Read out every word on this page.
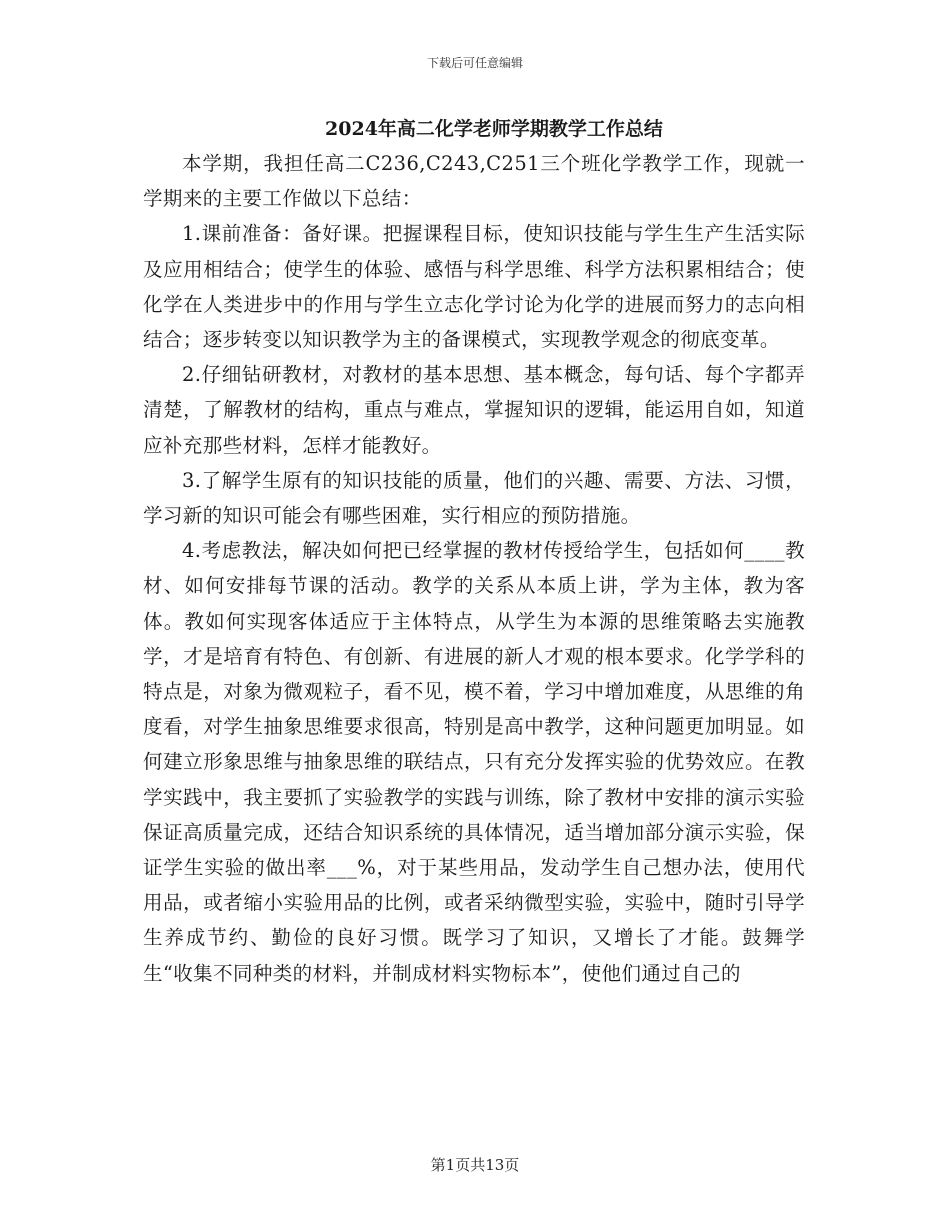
下载后可任意编辑
2024年高二化学老师学期教学工作总结

本学期，我担任高二C236,C243,C251三个班化学教学工作，现就一学期来的主要工作做以下总结：

1.课前准备：备好课。把握课程目标，使知识技能与学生生产生活实际及应用相结合；使学生的体验、感悟与科学思维、科学方法积累相结合；使化学在人类进步中的作用与学生立志化学讨论为化学的进展而努力的志向相结合；逐步转变以知识教学为主的备课模式，实现教学观念的彻底变革。

2.仔细钻研教材，对教材的基本思想、基本概念，每句话、每个字都弄清楚，了解教材的结构，重点与难点，掌握知识的逻辑，能运用自如，知道应补充那些材料，怎样才能教好。

3.了解学生原有的知识技能的质量，他们的兴趣、需要、方法、习惯，学习新的知识可能会有哪些困难，实行相应的预防措施。

4.考虑教法，解决如何把已经掌握的教材传授给学生，包括如何____教材、如何安排每节课的活动。教学的关系从本质上讲，学为主体，教为客体。教如何实现客体适应于主体特点，从学生为本源的思维策略去实施教学，才是培育有特色、有创新、有进展的新人才观的根本要求。化学学科的特点是，对象为微观粒子，看不见，模不着，学习中增加难度，从思维的角度看，对学生抽象思维要求很高，特别是高中教学，这种问题更加明显。如何建立形象思维与抽象思维的联结点，只有充分发挥实验的优势效应。在教学实践中，我主要抓了实验教学的实践与训练，除了教材中安排的演示实验保证高质量完成，还结合知识系统的具体情况，适当增加部分演示实验，保证学生实验的做出率___%，对于某些用品，发动学生自己想办法，使用代用品，或者缩小实验用品的比例，或者采纳微型实验，实验中，随时引导学生养成节约、勤俭的良好习惯。既学习了知识，又增长了才能。鼓舞学生“收集不同种类的材料，并制成材料实物标本”，使他们通过自己的

第1页共13页
